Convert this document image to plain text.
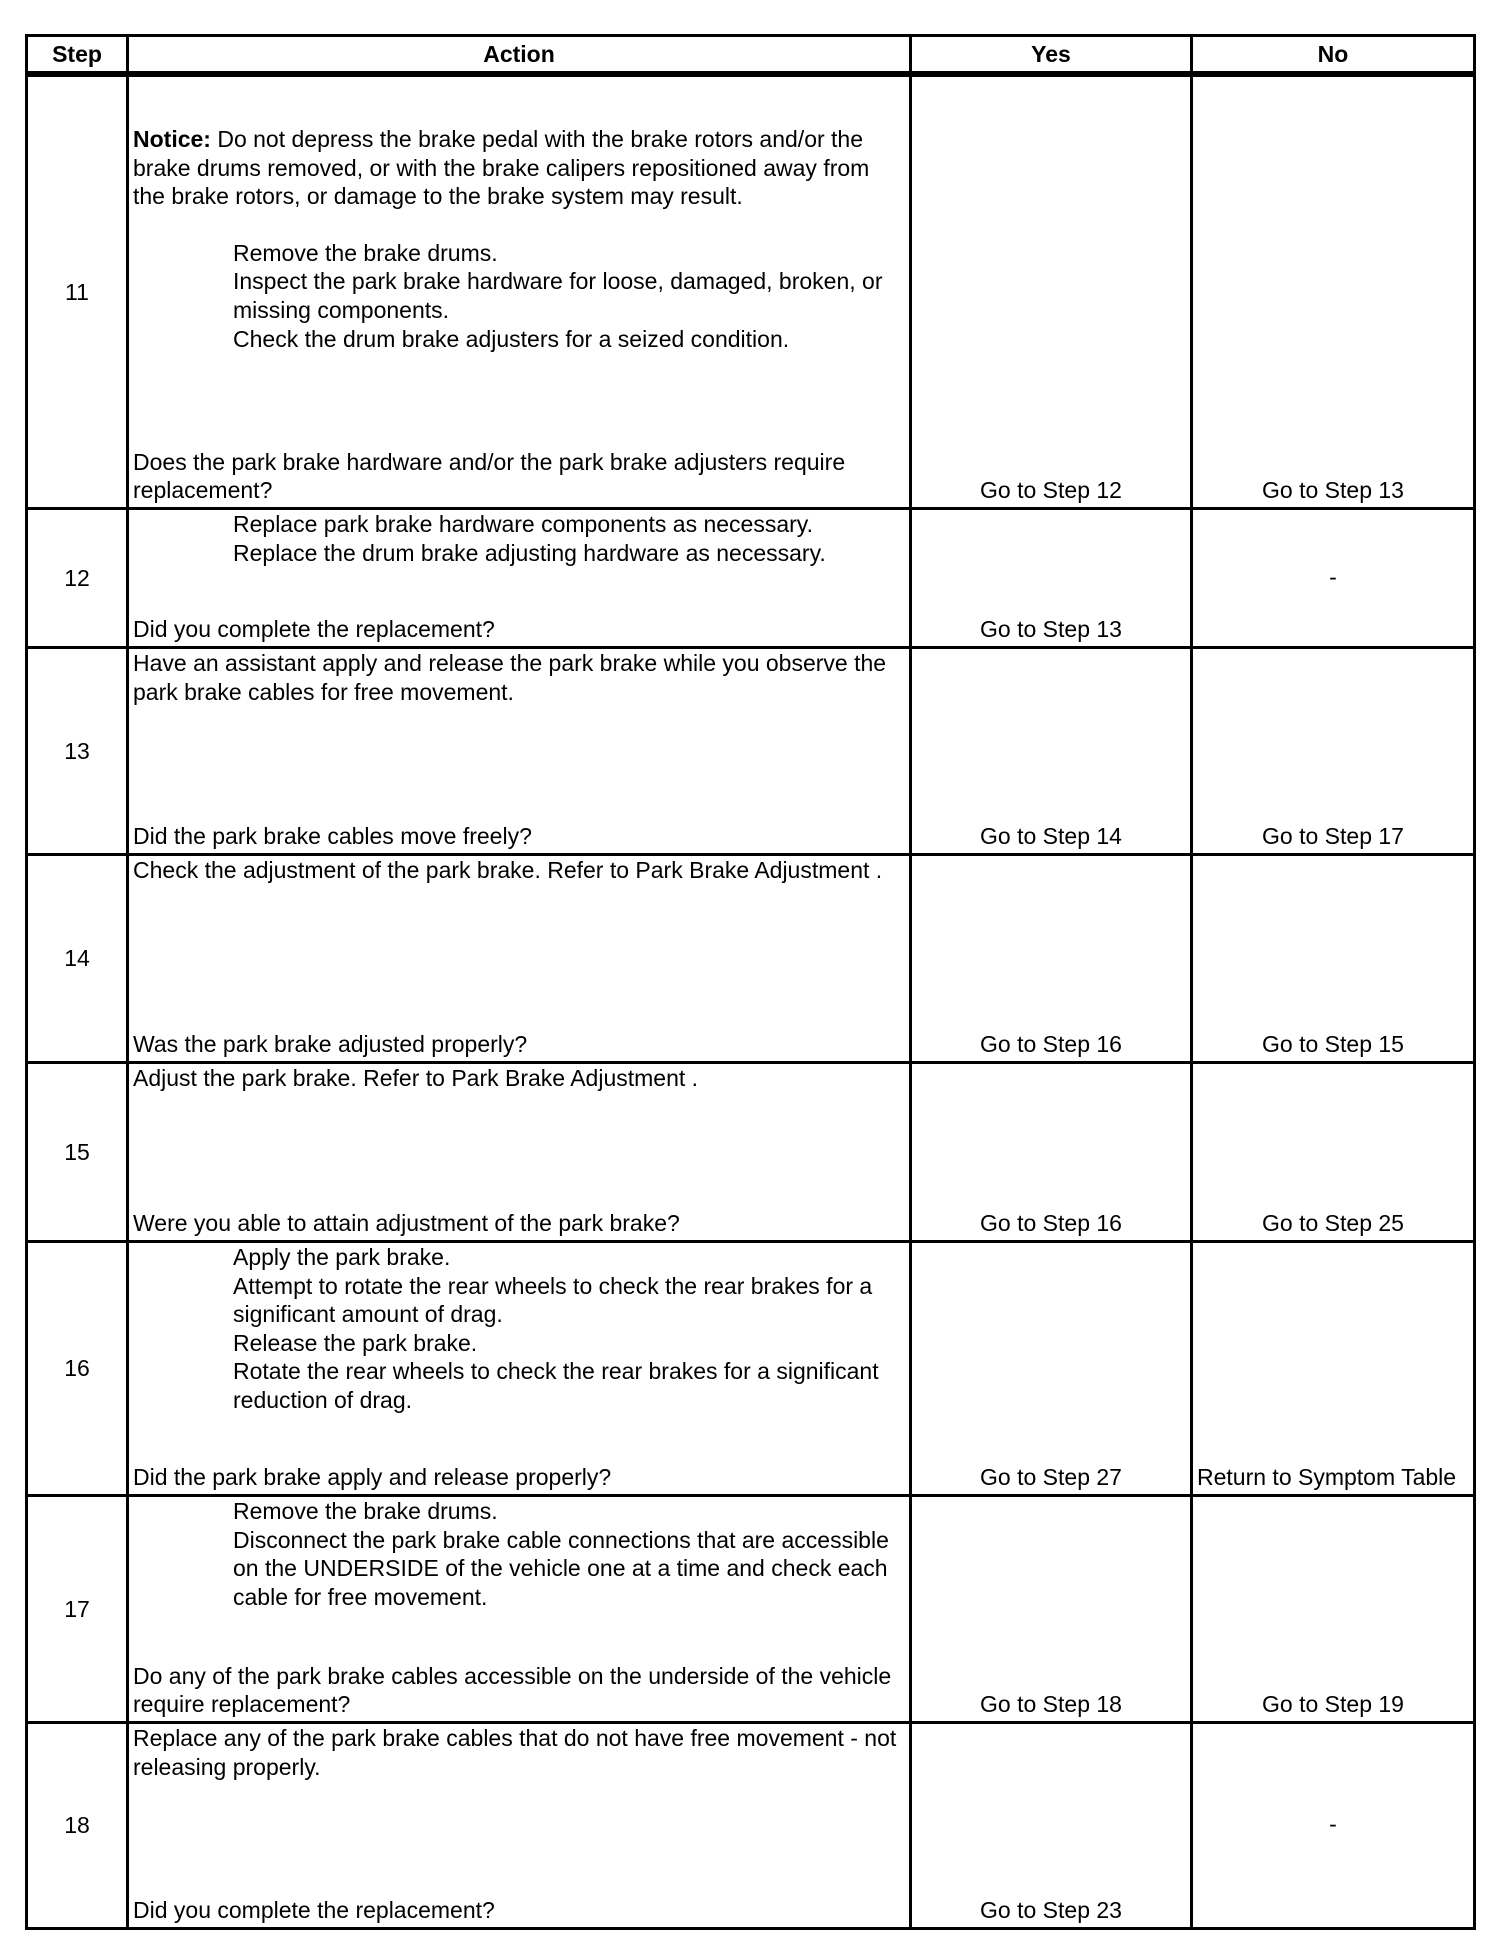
Step	Action	Yes	No
11	Notice: Do not depress the brake pedal with the brake rotors and/or the brake drums removed, or with the brake calipers repositioned away from the brake rotors, or damage to the brake system may result.
Remove the brake drums.
Inspect the park brake hardware for loose, damaged, broken, or missing components.
Check the drum brake adjusters for a seized condition.
Does the park brake hardware and/or the park brake adjusters require replacement?	Go to Step 12	Go to Step 13
12	Replace park brake hardware components as necessary.
Replace the drum brake adjusting hardware as necessary.
Did you complete the replacement?	Go to Step 13	-
13	Have an assistant apply and release the park brake while you observe the park brake cables for free movement.
Did the park brake cables move freely?	Go to Step 14	Go to Step 17
14	Check the adjustment of the park brake. Refer to Park Brake Adjustment .
Was the park brake adjusted properly?	Go to Step 16	Go to Step 15
15	Adjust the park brake. Refer to Park Brake Adjustment .
Were you able to attain adjustment of the park brake?	Go to Step 16	Go to Step 25
16	Apply the park brake.
Attempt to rotate the rear wheels to check the rear brakes for a significant amount of drag.
Release the park brake.
Rotate the rear wheels to check the rear brakes for a significant reduction of drag.
Did the park brake apply and release properly?	Go to Step 27	Return to Symptom Table
17	Remove the brake drums.
Disconnect the park brake cable connections that are accessible on the UNDERSIDE of the vehicle one at a time and check each cable for free movement.
Do any of the park brake cables accessible on the underside of the vehicle require replacement?	Go to Step 18	Go to Step 19
18	Replace any of the park brake cables that do not have free movement - not releasing properly.
Did you complete the replacement?	Go to Step 23	-
